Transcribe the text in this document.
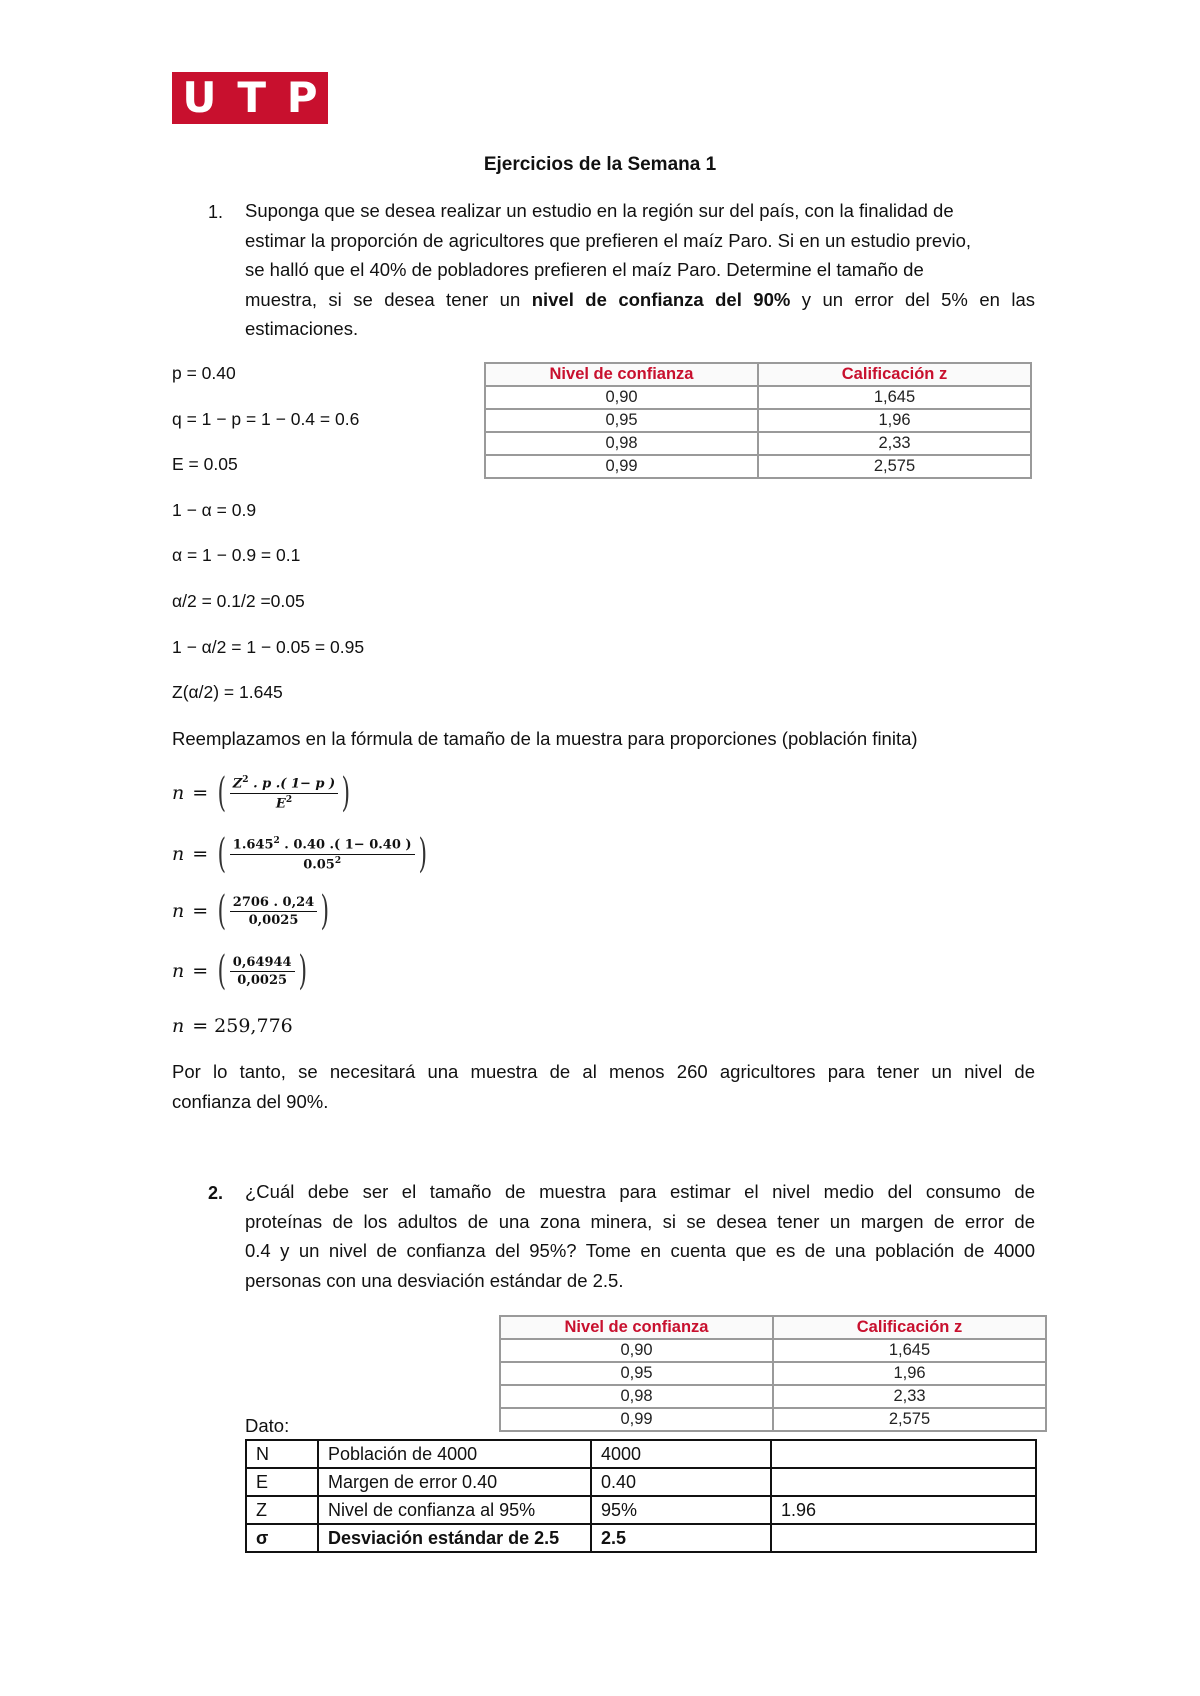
U T P
Ejercicios de la Semana 1
1. Suponga que se desea realizar un estudio en la región sur del país, con la finalidad de
estimar la proporción de agricultores que prefieren el maíz Paro. Si en un estudio previo,
se halló que el 40% de pobladores prefieren el maíz Paro. Determine el tamaño de
muestra, si se desea tener un nivel de confianza del 90% y un error del 5% en las
estimaciones.
Nivel de confianza	Calificación z
0,90	1,645
0,95	1,96
0,98	2,33
0,99	2,575
p = 0.40
q = 1 − p = 1 − 0.4 = 0.6
E = 0.05
1 − α = 0.9
α = 1 − 0.9 = 0.1
α/2 = 0.1/2 =0.05
1 − α/2 = 1 − 0.05 = 0.95
Z(α/2) = 1.645
Reemplazamos en la fórmula de tamaño de la muestra para proporciones (población finita)
n = ( $\frac{Z^2 . p .( 1- p )}{E^2}$ )
n = ( $\frac{1.645^2 . 0.40 .( 1- 0.40 )}{0.05^2}$ )
n = ( $\frac{2706 . 0,24}{0,0025}$ )
n = ( $\frac{0,64944}{0,0025}$ )
n = 259,776
Por lo tanto, se necesitará una muestra de al menos 260 agricultores para tener un nivel de
confianza del 90%.
2. ¿Cuál debe ser el tamaño de muestra para estimar el nivel medio del consumo de
proteínas de los adultos de una zona minera, si se desea tener un margen de error de
0.4 y un nivel de confianza del 95%? Tome en cuenta que es de una población de 4000
personas con una desviación estándar de 2.5.
Nivel de confianza	Calificación z
0,90	1,645
0,95	1,96
0,98	2,33
0,99	2,575
Dato:
N	Población de 4000	4000	
E	Margen de error 0.40	0.40	
Z	Nivel de confianza al 95%	95%	1.96
σ	Desviación estándar de 2.5	2.5	
